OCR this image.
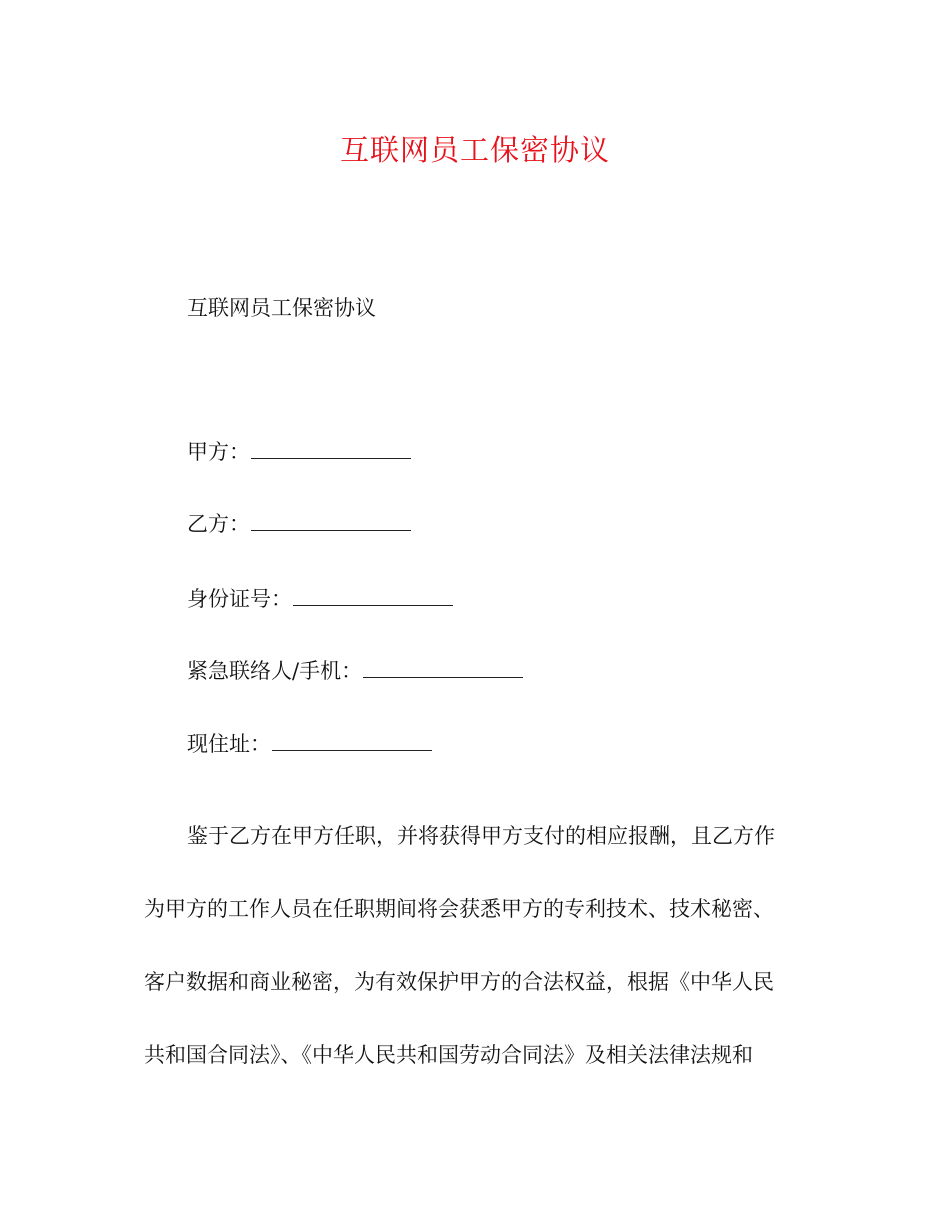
互联网员工保密协议

互联网员工保密协议

甲方：
乙方：
身份证号：
紧急联络人/手机：
现住址：
鉴于乙方在甲方任职，并将获得甲方支付的相应报酬，且乙方作
为甲方的工作人员在任职期间将会获悉甲方的专利技术、技术秘密、
客户数据和商业秘密，为有效保护甲方的合法权益，根据《中华人民
共和国合同法》、《中华人民共和国劳动合同法》及相关法律法规和
